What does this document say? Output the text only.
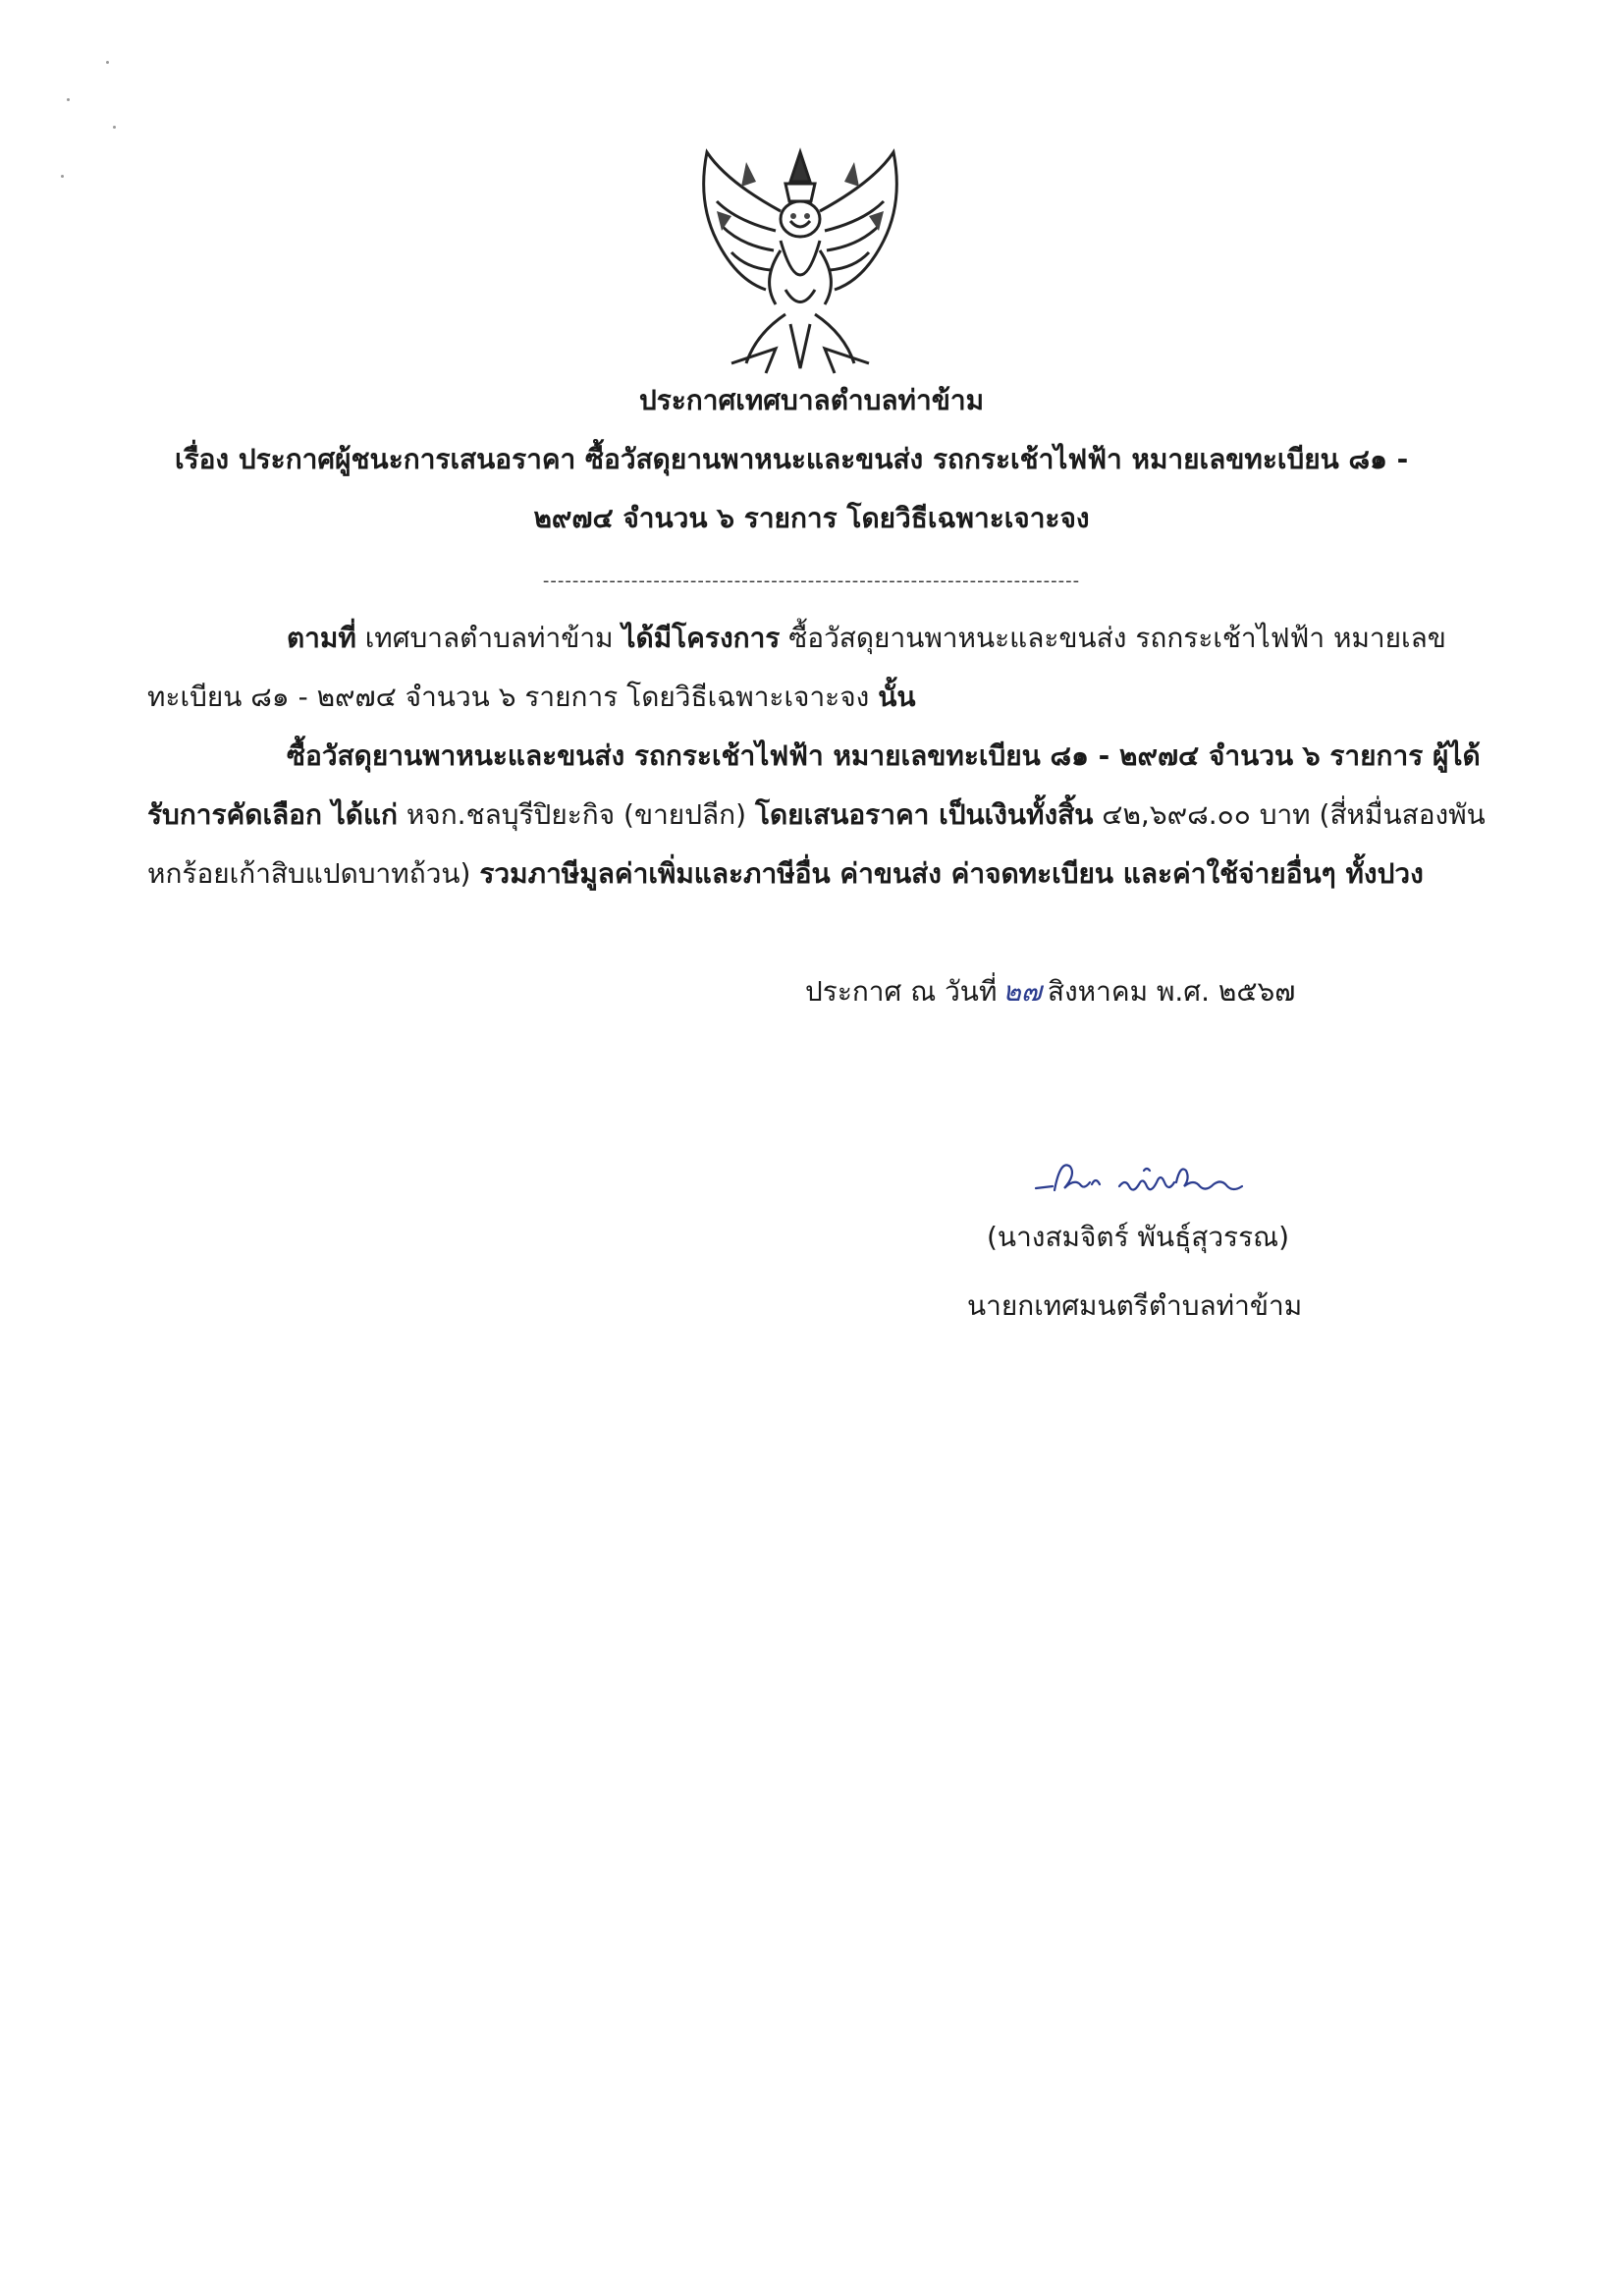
ประกาศเทศบาลตำบลท่าข้าม
เรื่อง ประกาศผู้ชนะการเสนอราคา ซื้อวัสดุยานพาหนะและขนส่ง รถกระเช้าไฟฟ้า หมายเลขทะเบียน ๘๑ -
๒๙๗๔ จำนวน ๖ รายการ โดยวิธีเฉพาะเจาะจง
-------------------------------------------------------------------------
ตามที่ เทศบาลตำบลท่าข้าม ได้มีโครงการ ซื้อวัสดุยานพาหนะและขนส่ง รถกระเช้าไฟฟ้า หมายเลข
ทะเบียน ๘๑ - ๒๙๗๔ จำนวน ๖ รายการ โดยวิธีเฉพาะเจาะจง นั้น
ซื้อวัสดุยานพาหนะและขนส่ง รถกระเช้าไฟฟ้า หมายเลขทะเบียน ๘๑ - ๒๙๗๔ จำนวน ๖ รายการ ผู้ได้
รับการคัดเลือก ได้แก่ หจก.ชลบุรีปิยะกิจ (ขายปลีก) โดยเสนอราคา เป็นเงินทั้งสิ้น ๔๒,๖๙๘.๐๐ บาท (สี่หมื่นสองพัน
หกร้อยเก้าสิบแปดบาทถ้วน) รวมภาษีมูลค่าเพิ่มและภาษีอื่น ค่าขนส่ง ค่าจดทะเบียน และค่าใช้จ่ายอื่นๆ ทั้งปวง
ประกาศ ณ วันที่ ๒๗ สิงหาคม พ.ศ. ๒๕๖๗
(นางสมจิตร์ พันธุ์สุวรรณ)
นายกเทศมนตรีตำบลท่าข้าม
